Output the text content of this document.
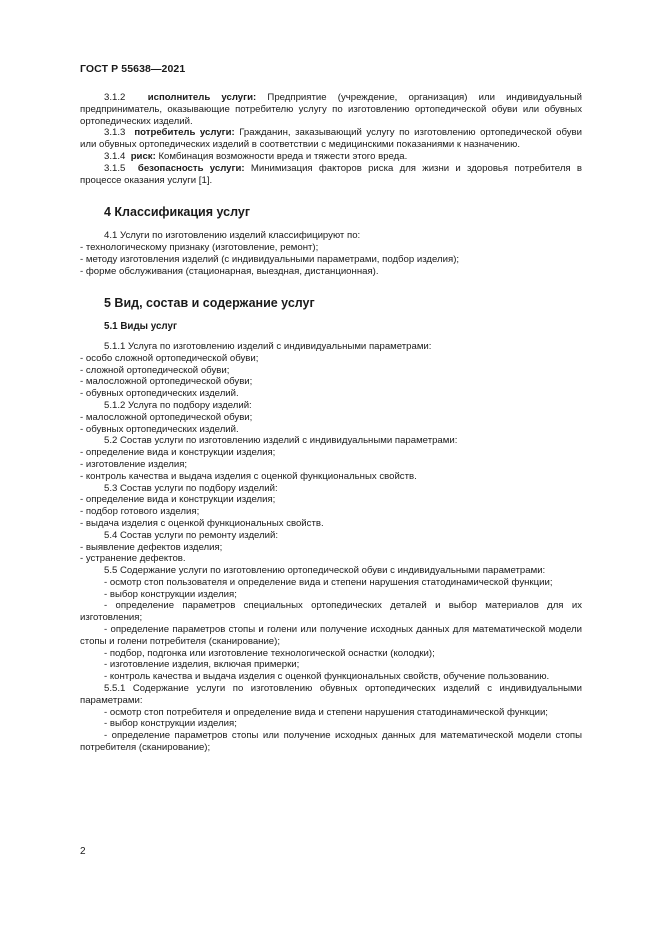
ГОСТ Р 55638—2021

3.1.2 исполнитель услуги: Предприятие (учреждение, организация) или индивидуальный предприниматель, оказывающие потребителю услугу по изготовлению ортопедической обуви или обувных ортопедических изделий.

3.1.3 потребитель услуги: Гражданин, заказывающий услугу по изготовлению ортопедической обуви или обувных ортопедических изделий в соответствии с медицинскими показаниями к назначению.

3.1.4 риск: Комбинация возможности вреда и тяжести этого вреда.

3.1.5 безопасность услуги: Минимизация факторов риска для жизни и здоровья потребителя в процессе оказания услуги [1].

4 Классификация услуг

4.1 Услуги по изготовлению изделий классифицируют по:

- технологическому признаку (изготовление, ремонт);

- методу изготовления изделий (с индивидуальными параметрами, подбор изделия);

- форме обслуживания (стационарная, выездная, дистанционная).

5 Вид, состав и содержание услуг
5.1 Виды услуг

5.1.1 Услуга по изготовлению изделий с индивидуальными параметрами:

- особо сложной ортопедической обуви;

- сложной ортопедической обуви;

- малосложной ортопедической обуви;

- обувных ортопедических изделий.

5.1.2 Услуга по подбору изделий:

- малосложной ортопедической обуви;

- обувных ортопедических изделий.

5.2 Состав услуги по изготовлению изделий с индивидуальными параметрами:

- определение вида и конструкции изделия;

- изготовление изделия;

- контроль качества и выдача изделия с оценкой функциональных свойств.

5.3 Состав услуги по подбору изделий:

- определение вида и конструкции изделия;

- подбор готового изделия;

- выдача изделия с оценкой функциональных свойств.

5.4 Состав услуги по ремонту изделий:

- выявление дефектов изделия;

- устранение дефектов.

5.5 Содержание услуги по изготовлению ортопедической обуви с индивидуальными параметрами:

- осмотр стоп пользователя и определение вида и степени нарушения статодинамической функции;

- выбор конструкции изделия;

- определение параметров специальных ортопедических деталей и выбор материалов для их изготовления;

- определение параметров стопы и голени или получение исходных данных для математической модели стопы и голени потребителя (сканирование);

- подбор, подгонка или изготовление технологической оснастки (колодки);

- изготовление изделия, включая примерки;

- контроль качества и выдача изделия с оценкой функциональных свойств, обучение пользованию.

5.5.1 Содержание услуги по изготовлению обувных ортопедических изделий с индивидуальными параметрами:

- осмотр стоп потребителя и определение вида и степени нарушения статодинамической функции;

- выбор конструкции изделия;

- определение параметров стопы или получение исходных данных для математической модели стопы потребителя (сканирование);

2
